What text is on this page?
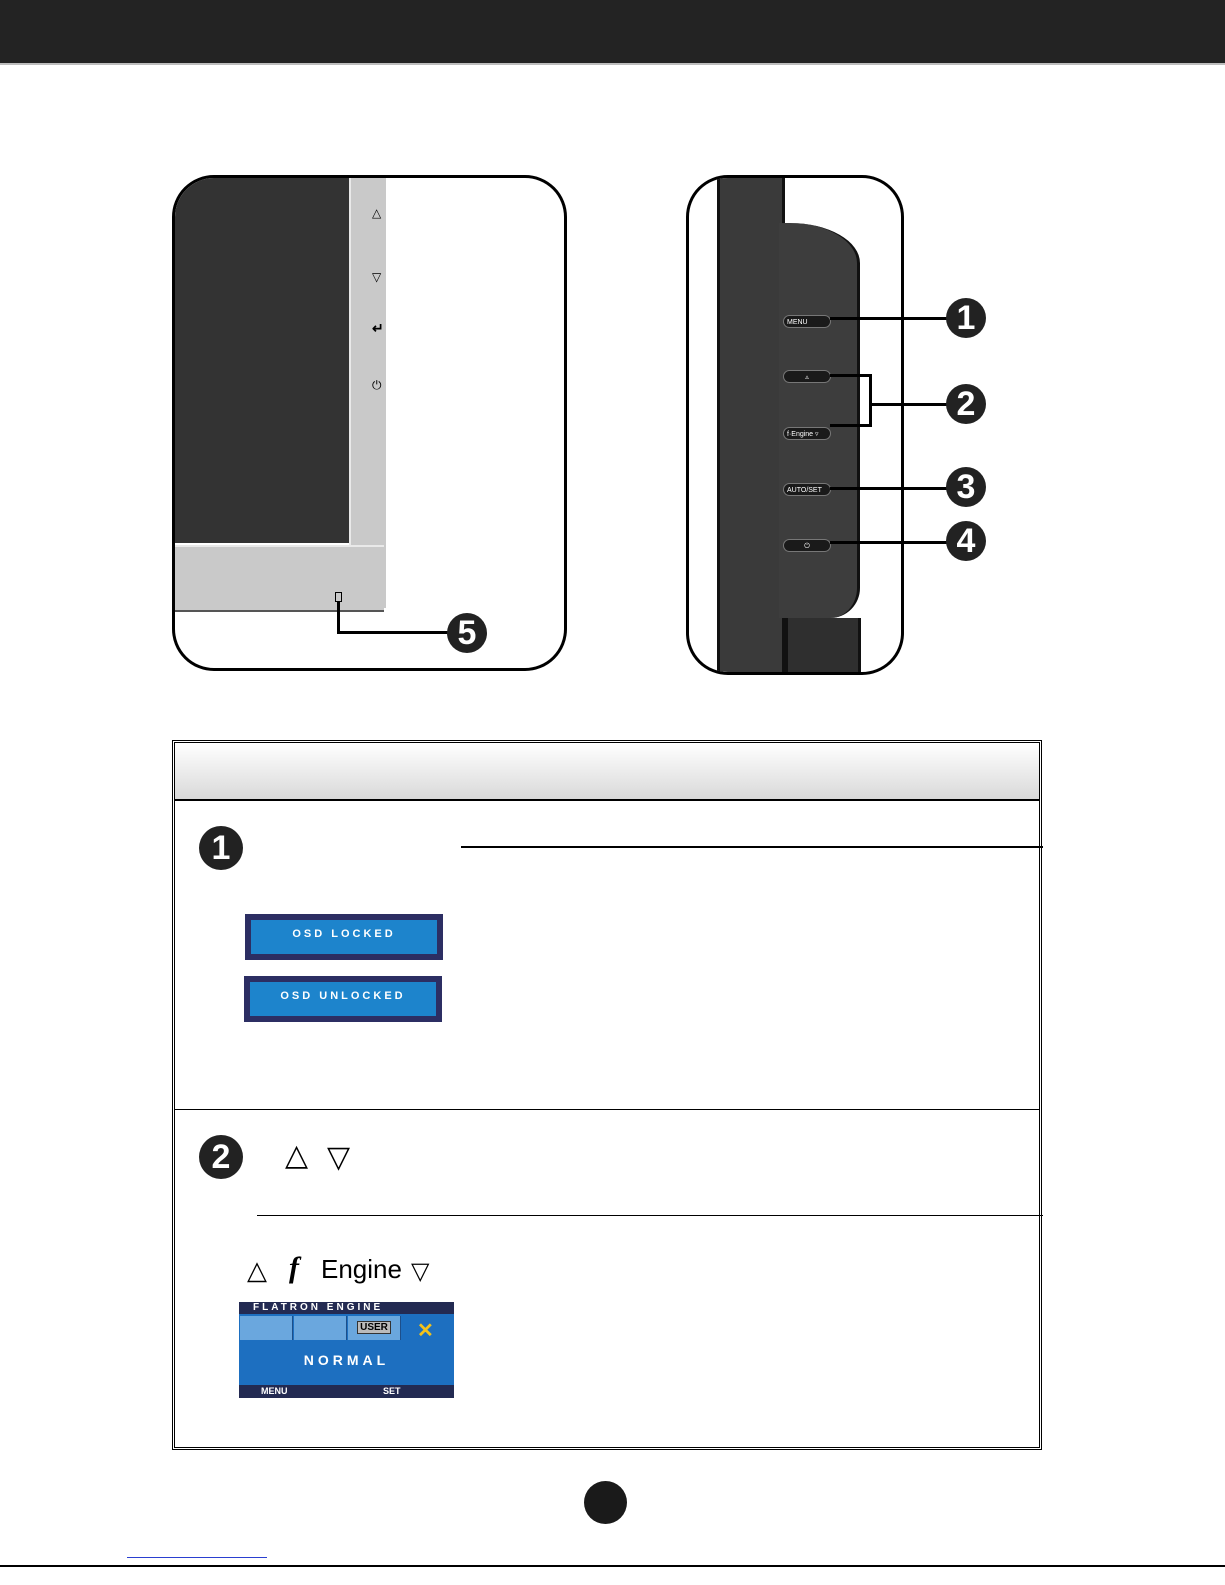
△
▽
↵
⏻
5
MENU
▵
f·Engine ▿
AUTO/SET
⏻
1
2
3
4
1
OSD LOCKED
OSD UNLOCKED
2	△ ▽
△ f Engine ▽
FLATRON ENGINE
USER	✕
NORMAL
MENU	SET
